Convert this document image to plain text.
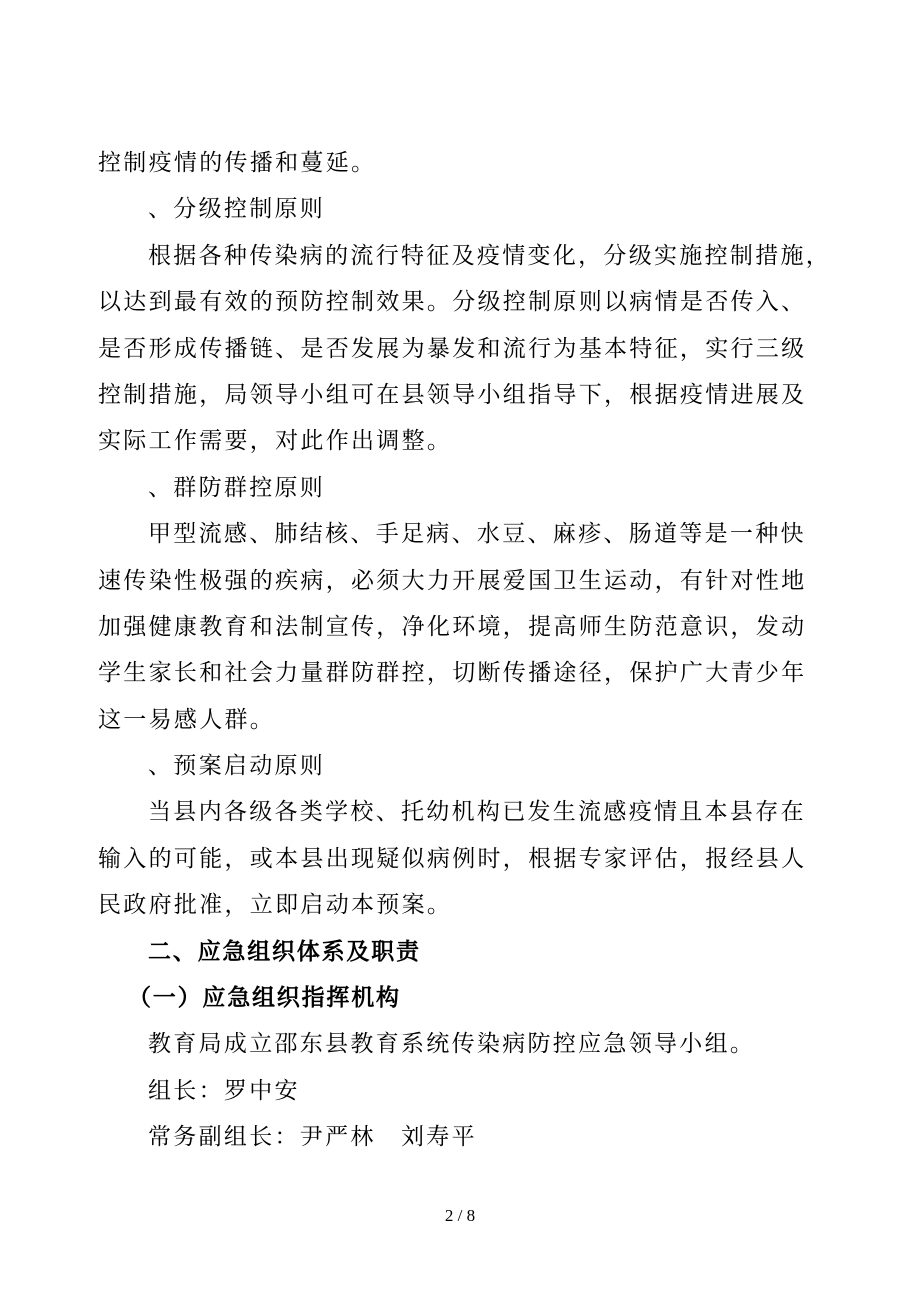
控制疫情的传播和蔓延。
、分级控制原则
根据各种传染病的流行特征及疫情变化，分级实施控制措施，
以达到最有效的预防控制效果。分级控制原则以病情是否传入、
是否形成传播链、是否发展为暴发和流行为基本特征，实行三级
控制措施，局领导小组可在县领导小组指导下，根据疫情进展及
实际工作需要，对此作出调整。
、群防群控原则
甲型流感、肺结核、手足病、水豆、麻疹、肠道等是一种快
速传染性极强的疾病，必须大力开展爱国卫生运动，有针对性地
加强健康教育和法制宣传，净化环境，提高师生防范意识，发动
学生家长和社会力量群防群控，切断传播途径，保护广大青少年
这一易感人群。
、预案启动原则
当县内各级各类学校、托幼机构已发生流感疫情且本县存在
输入的可能，或本县出现疑似病例时，根据专家评估，报经县人
民政府批准，立即启动本预案。
二、应急组织体系及职责
（一）应急组织指挥机构
教育局成立邵东县教育系统传染病防控应急领导小组。
组长：罗中安
常务副组长：尹严林　刘寿平
2 / 8
